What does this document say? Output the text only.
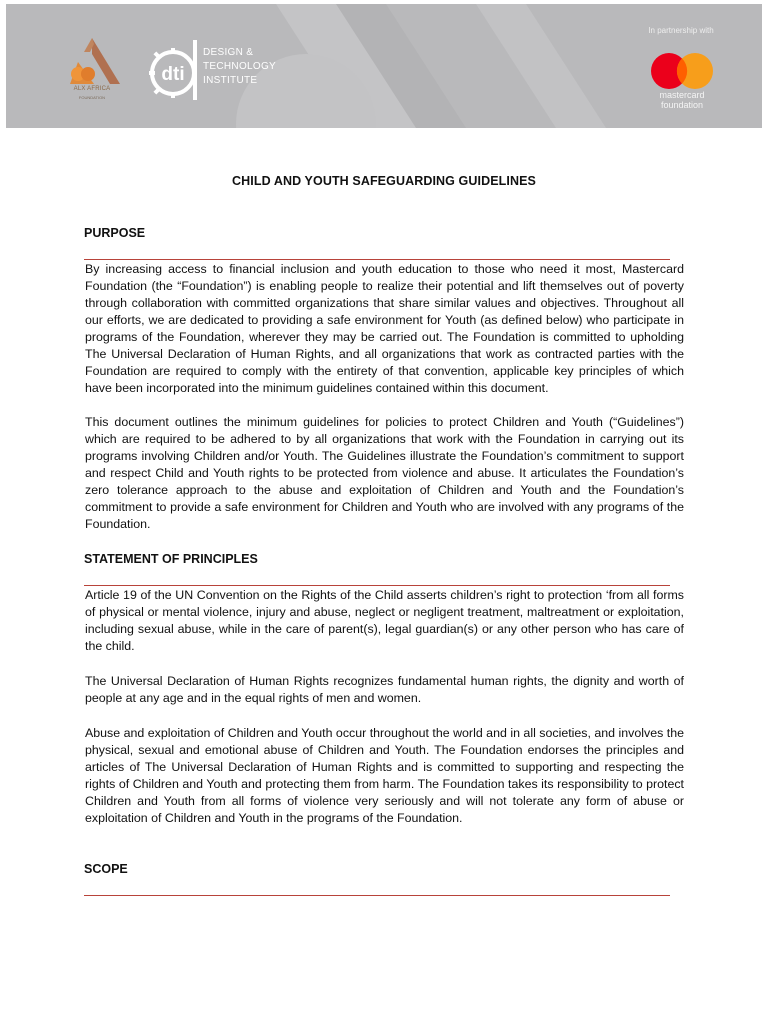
ALX AFRICA
FOUNDATION
dti
DESIGN &
TECHNOLOGY
INSTITUTE
In partnership with
mastercard
foundation
CHILD AND YOUTH SAFEGUARDING GUIDELINES
PURPOSE
By increasing access to financial inclusion and youth education to those who need it most, Mastercard Foundation (the “Foundation”) is enabling people to realize their potential and lift themselves out of poverty through collaboration with committed organizations that share similar values and objectives. Throughout all our efforts, we are dedicated to providing a safe environment for Youth (as defined below) who participate in programs of the Foundation, wherever they may be carried out. The Foundation is committed to upholding The Universal Declaration of Human Rights, and all organizations that work as contracted parties with the Foundation are required to comply with the entirety of that convention, applicable key principles of which have been incorporated into the minimum guidelines contained within this document.
This document outlines the minimum guidelines for policies to protect Children and Youth (“Guidelines”) which are required to be adhered to by all organizations that work with the Foundation in carrying out its programs involving Children and/or Youth. The Guidelines illustrate the Foundation’s commitment to support and respect Child and Youth rights to be protected from violence and abuse. It articulates the Foundation’s zero tolerance approach to the abuse and exploitation of Children and Youth and the Foundation’s commitment to provide a safe environment for Children and Youth who are involved with any programs of the Foundation.
STATEMENT OF PRINCIPLES
Article 19 of the UN Convention on the Rights of the Child asserts children’s right to protection ‘from all forms of physical or mental violence, injury and abuse, neglect or negligent treatment, maltreatment or exploitation, including sexual abuse, while in the care of parent(s), legal guardian(s) or any other person who has care of the child.
The Universal Declaration of Human Rights recognizes fundamental human rights, the dignity and worth of people at any age and in the equal rights of men and women.
Abuse and exploitation of Children and Youth occur throughout the world and in all societies, and involves the physical, sexual and emotional abuse of Children and Youth. The Foundation endorses the principles and articles of The Universal Declaration of Human Rights and is committed to supporting and respecting the rights of Children and Youth and protecting them from harm. The Foundation takes its responsibility to protect Children and Youth from all forms of violence very seriously and will not tolerate any form of abuse or exploitation of Children and Youth in the programs of the Foundation.
SCOPE
